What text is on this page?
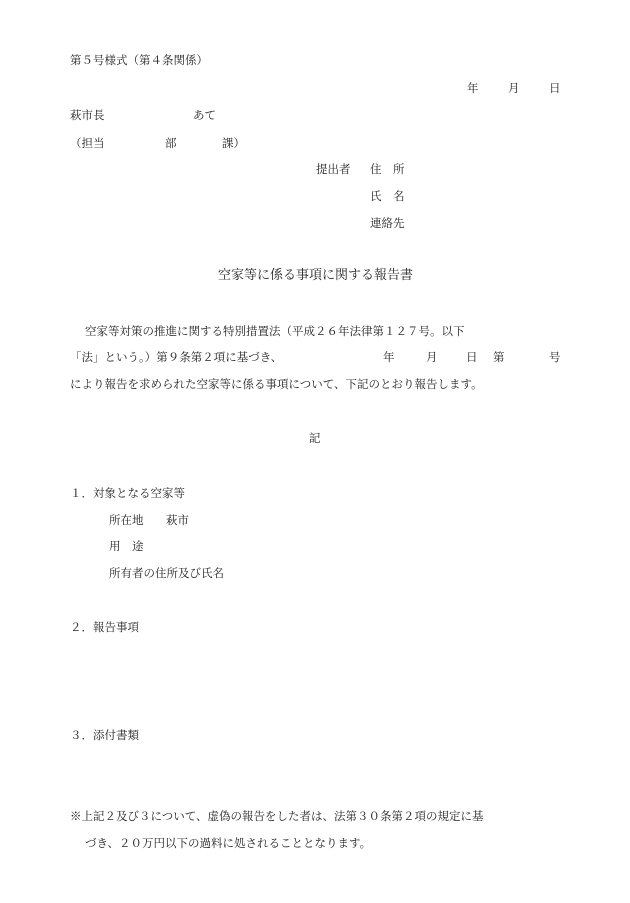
第５号様式（第４条関係）
年	月	日
萩市長	あて
（担当	部	課）
提出者 住　所
氏　名
連絡先
空家等に係る事項に関する報告書
空家等対策の推進に関する特別措置法（平成２６年法律第１２７号。以下
「法」という。）第９条第２項に基づき、	年	月 日 第	号
により報告を求められた空家等に係る事項について、下記のとおり報告します。
記
１．対象となる空家等
所在地 萩市
用　途
所有者の住所及び氏名
２．報告事項
３．添付書類
※上記２及び３について、虚偽の報告をした者は、法第３０条第２項の規定に基
づき、２０万円以下の過料に処されることとなります。
